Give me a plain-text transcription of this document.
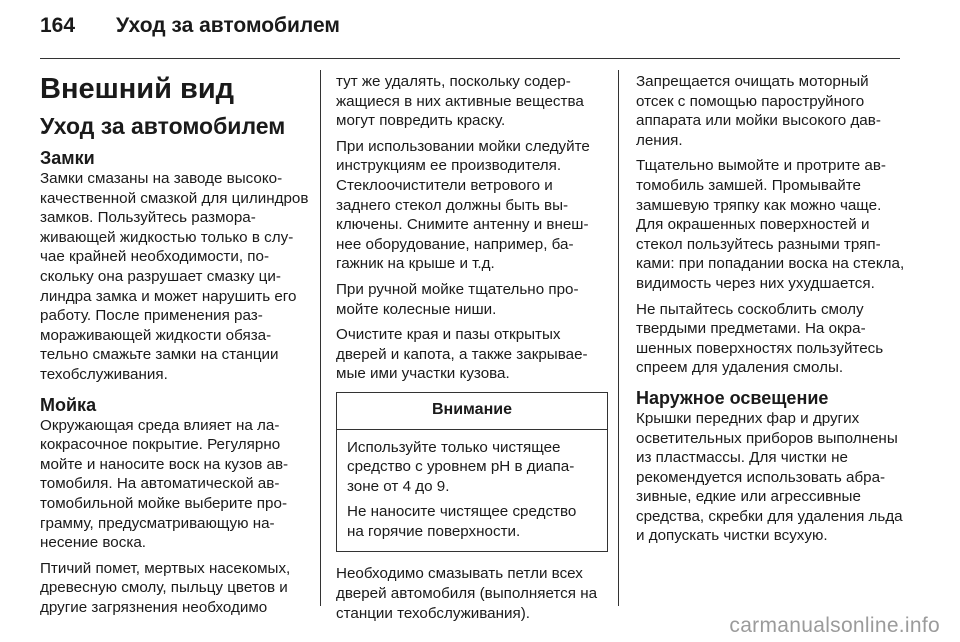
164	Уход за автомобилем
Внешний вид
Уход за автомобилем
Замки

Замки смазаны на заводе высококачественной смазкой для цилиндров замков. Пользуйтесь размораживающей жидкостью только в случае крайней необходимости, поскольку она разрушает смазку цилиндра замка и может нарушить его работу. После применения размораживающей жидкости обязательно смажьте замки на станции техобслуживания.

Мойка

Окружающая среда влияет на лакокрасочное покрытие. Регулярно мойте и наносите воск на кузов автомобиля. На автоматической автомобильной мойке выберите программу, предусматривающую нанесение воска.

Птичий помет, мертвых насекомых, древесную смолу, пыльцу цветов и другие загрязнения необходимо

тут же удалять, поскольку содержащиеся в них активные вещества могут повредить краску.

При использовании мойки следуйте инструкциям ее производителя. Стеклоочистители ветрового и заднего стекол должны быть выключены. Снимите антенну и внешнее оборудование, например, багажник на крыше и т.д.

При ручной мойке тщательно промойте колесные ниши.

Очистите края и пазы открытых дверей и капота, а также закрываемые ими участки кузова.

Внимание

Используйте только чистящее средство с уровнем pH в диапазоне от 4 до 9.

Не наносите чистящее средство на горячие поверхности.

Необходимо смазывать петли всех дверей автомобиля (выполняется на станции техобслуживания).

Запрещается очищать моторный отсек с помощью пароструйного аппарата или мойки высокого давления.

Тщательно вымойте и протрите автомобиль замшей. Промывайте замшевую тряпку как можно чаще. Для окрашенных поверхностей и стекол пользуйтесь разными тряпками: при попадании воска на стекла, видимость через них ухудшается.

Не пытайтесь соскоблить смолу твердыми предметами. На окрашенных поверхностях пользуйтесь спреем для удаления смолы.

Наружное освещение

Крышки передних фар и других осветительных приборов выполнены из пластмассы. Для чистки не рекомендуется использовать абразивные, едкие или агрессивные средства, скребки для удаления льда и допускать чистки всухую.

carmanualsonline.info
